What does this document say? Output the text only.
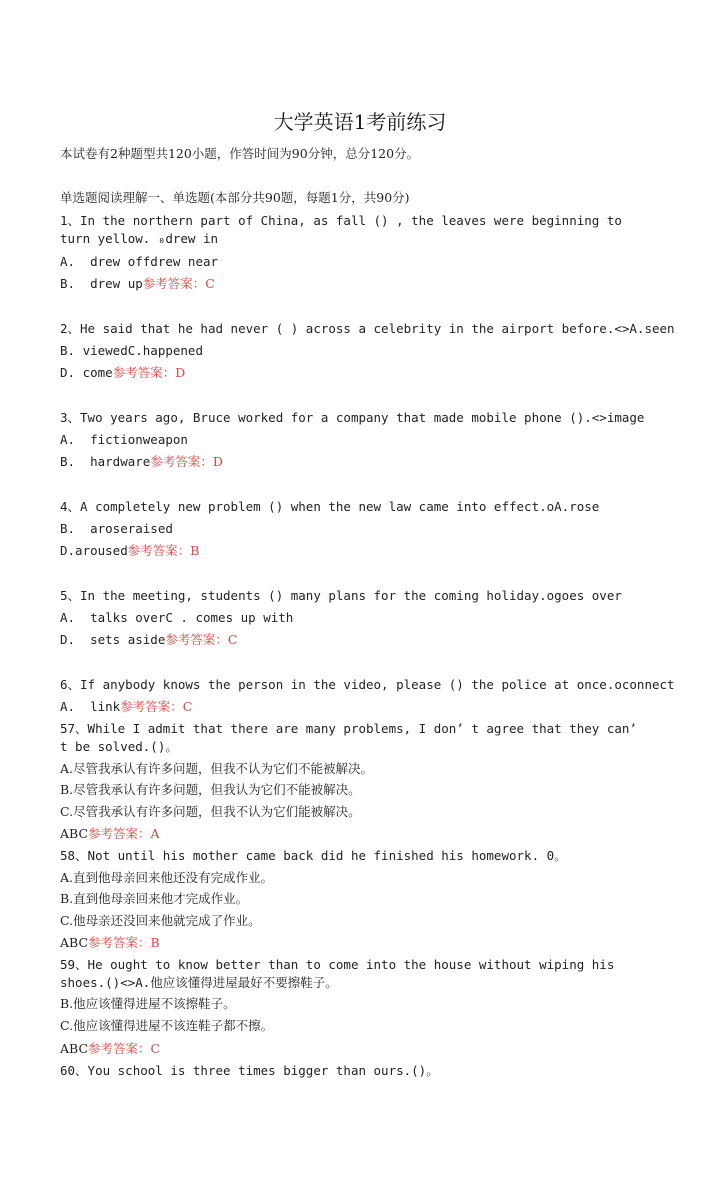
大学英语1考前练习
本试卷有2种题型共120小题，作答时间为90分钟，总分120分。
单选题阅读理解一、单选题(本部分共90题，每题1分，共90分)
1、In the northern part of China, as fall () , the leaves were beginning to turn yellow. ₀drew in
A.  drew offdrew near
B.  drew up参考答案：C
2、He said that he had never ( ) across a celebrity in the airport before.<>A.seen
B. viewedC.happened
D. come参考答案：D
3、Two years ago, Bruce worked for a company that made mobile phone ().<>image
A.  fictionweapon
B.  hardware参考答案：D
4、A completely new problem () when the new law came into effect.oA.rose
B.  aroseraised
D.aroused参考答案：B
5、In the meeting, students () many plans for the coming holiday.ogoes over
A.  talks overC . comes up with
D.  sets aside参考答案：C
6、If anybody knows the person in the video, please () the police at once.oconnect
A.  link参考答案：C
57、While I admit that there are many problems, I don’ t agree that they can’ t be solved.()。
A.尽管我承认有许多问题，但我不认为它们不能被解决。
B.尽管我承认有许多问题，但我认为它们不能被解决。
C.尽管我承认有许多问题，但我不认为它们能被解决。
ABC参考答案：A
58、Not until his mother came back did he finished his homework. 0。
A.直到他母亲回来他还没有完成作业。
B.直到他母亲回来他才完成作业。
C.他母亲还没回来他就完成了作业。
ABC参考答案：B
59、He ought to know better than to come into the house without wiping his shoes.()<>A.他应该懂得进屋最好不要擦鞋子。
B.他应该懂得进屋不该擦鞋子。
C.他应该懂得进屋不该连鞋子都不擦。
ABC参考答案：C
60、You school is three times bigger than ours.()。
